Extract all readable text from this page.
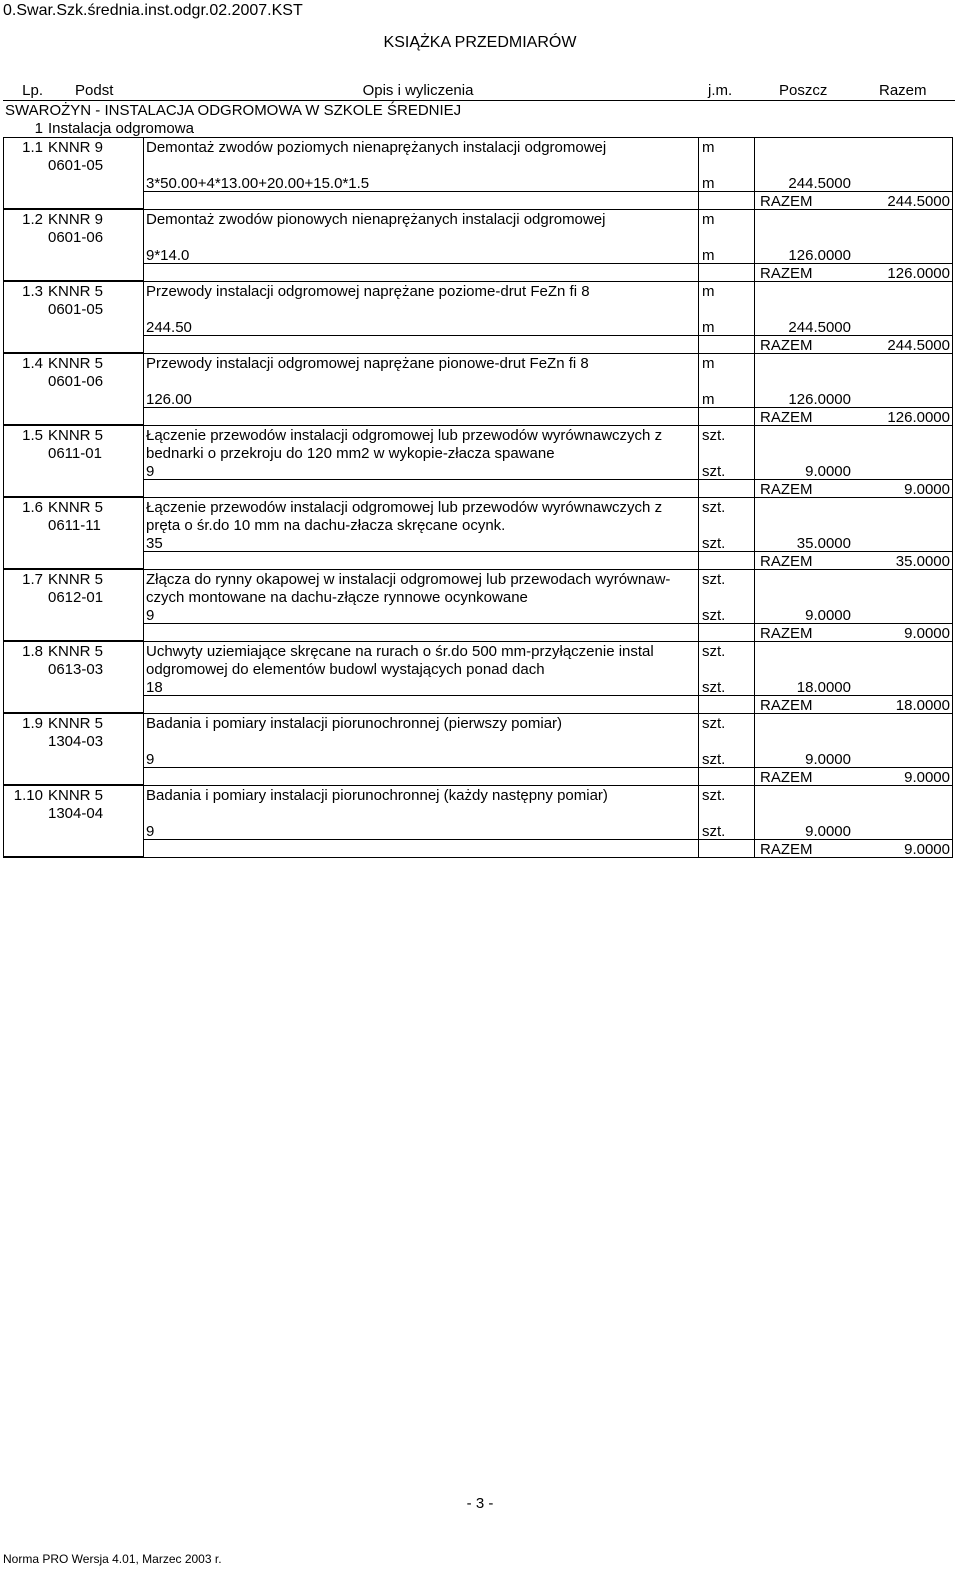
0.Swar.Szk.średnia.inst.odgr.02.2007.KST
KSIĄŻKA PRZEDMIARÓW
Lp. Podst	Opis i wyliczenia	j.m.	Poszcz	Razem
SWAROŻYN - INSTALACJA ODGROMOWA W SZKOLE ŚREDNIEJ
1 Instalacja odgromowa
1.1 KNNR 9
0601-05
Demontaż zwodów poziomych nienaprężanych instalacji odgromowej	m
3*50.00+4*13.00+20.00+15.0*1.5	m	244.5000
RAZEM	244.5000
1.2 KNNR 9
0601-06
Demontaż zwodów pionowych nienaprężanych instalacji odgromowej	m
9*14.0	m	126.0000
RAZEM	126.0000
1.3 KNNR 5
0601-05
Przewody instalacji odgromowej naprężane poziome-drut FeZn fi 8	m
244.50	m	244.5000
RAZEM	244.5000
1.4 KNNR 5
0601-06
Przewody instalacji odgromowej naprężane pionowe-drut FeZn fi 8	m
126.00	m	126.0000
RAZEM	126.0000
1.5 KNNR 5
0611-01
Łączenie przewodów instalacji odgromowej lub przewodów wyrównawczych z bednarki o przekroju do 120 mm2 w wykopie-złacza spawane
szt.
9	szt.	9.0000
RAZEM	9.0000
1.6 KNNR 5
0611-11
Łączenie przewodów instalacji odgromowej lub przewodów wyrównawczych z pręta o śr.do 10 mm na dachu-złacza skręcane ocynk.
szt.
35	szt.	35.0000
RAZEM	35.0000
1.7 KNNR 5
0612-01
Złącza do rynny okapowej w instalacji odgromowej lub przewodach wyrównaw-czych montowane na dachu-złącze rynnowe ocynkowane
szt.
9	szt.	9.0000
RAZEM	9.0000
1.8 KNNR 5
0613-03
Uchwyty uziemiające skręcane na rurach o śr.do 500 mm-przyłączenie instal odgromowej do elementów budowl wystających ponad dach
szt.
18	szt.	18.0000
RAZEM	18.0000
1.9 KNNR 5
1304-03
Badania i pomiary instalacji piorunochronnej (pierwszy pomiar)	szt.
9	szt.	9.0000
RAZEM	9.0000
1.10 KNNR 5
1304-04
Badania i pomiary instalacji piorunochronnej (każdy następny pomiar)	szt.
9	szt.	9.0000
RAZEM	9.0000
- 3 -
Norma PRO Wersja 4.01, Marzec 2003 r.
